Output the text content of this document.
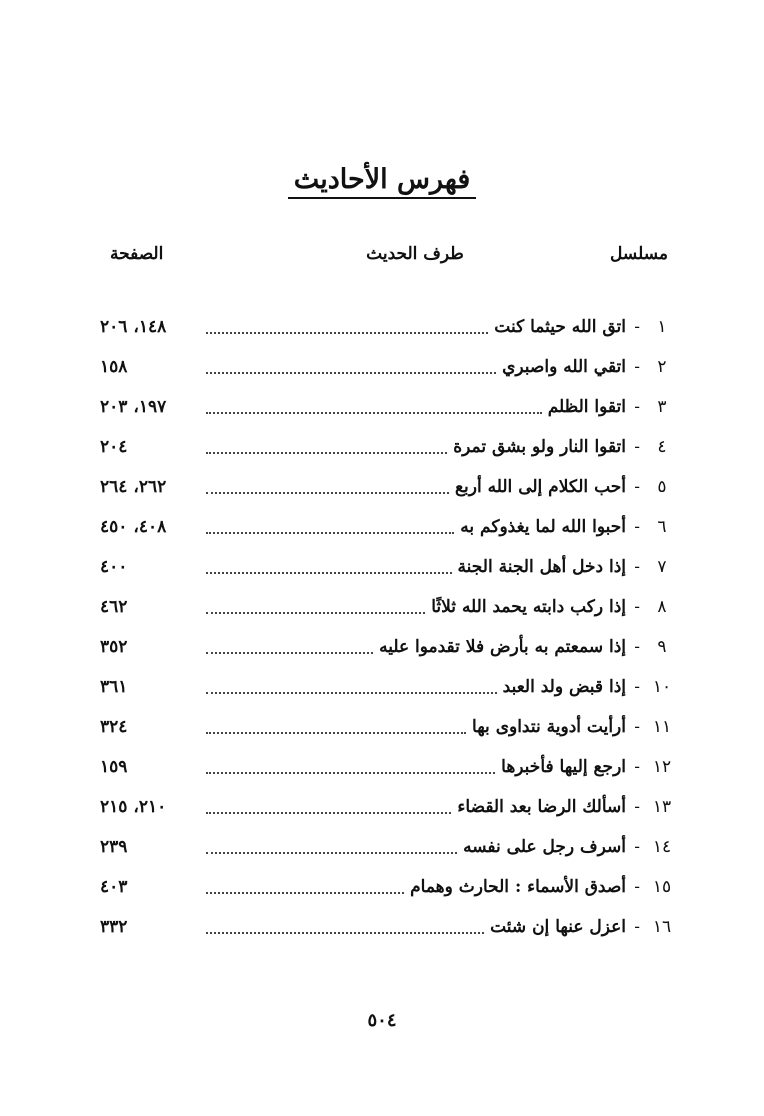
فهرس الأحاديث
مسلسل
طرف الحديث
الصفحة
١
-
اتق الله حيثما كنت
١٤٨، ٢٠٦
٢
-
اتقي الله واصبري
١٥٨
٣
-
اتقوا الظلم
١٩٧، ٢٠٣
٤
-
اتقوا النار ولو بشق تمرة
٢٠٤
٥
-
أحب الكلام إلى الله أربع
٢٦٢، ٢٦٤
٦
-
أحبوا الله لما يغذوكم به
٤٠٨، ٤٥٠
٧
-
إذا دخل أهل الجنة الجنة
٤٠٠
٨
-
إذا ركب دابته يحمد الله ثلاثًا
٤٦٢
٩
-
إذا سمعتم به بأرض فلا تقدموا عليه
٣٥٢
١٠
-
إذا قبض ولد العبد
٣٦١
١١
-
أرأيت أدوية نتداوى بها
٣٢٤
١٢
-
ارجع إليها فأخبرها
١٥٩
١٣
-
أسألك الرضا بعد القضاء
٢١٠، ٢١٥
١٤
-
أسرف رجل على نفسه
٢٣٩
١٥
-
أصدق الأسماء : الحارث وهمام
٤٠٣
١٦
-
اعزل عنها إن شئت
٣٣٢
٥٠٤
